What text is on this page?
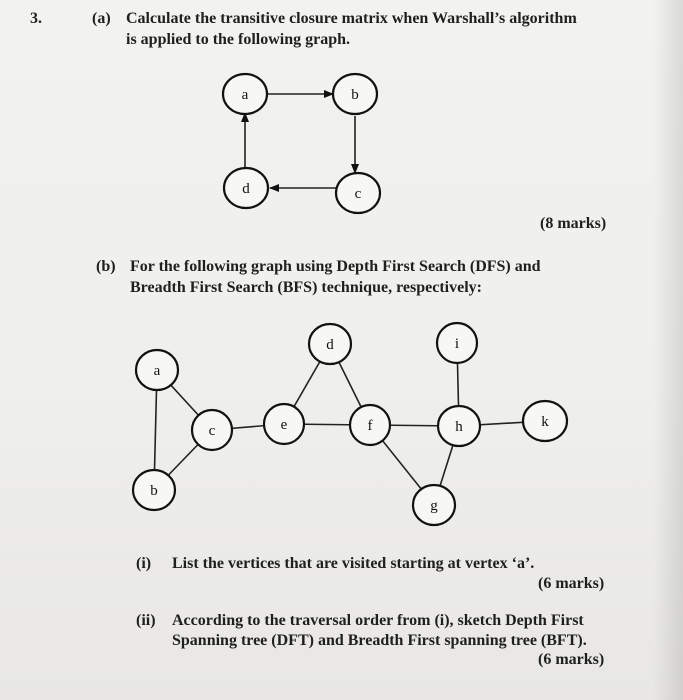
3.	(a) Calculate the transitive closure matrix when Warshall’s algorithm
is applied to the following graph.
a	b
c
d
(8 marks)
(b) For the following graph using Depth First Search (DFS) and
Breadth First Search (BFS) technique, respectively:
a
b
c
d
e	f
g
h
i
k
(i) List the vertices that are visited starting at vertex ‘a’.
(6 marks)
(ii) According to the traversal order from (i), sketch Depth First
Spanning tree (DFT) and Breadth First spanning tree (BFT).
(6 marks)
